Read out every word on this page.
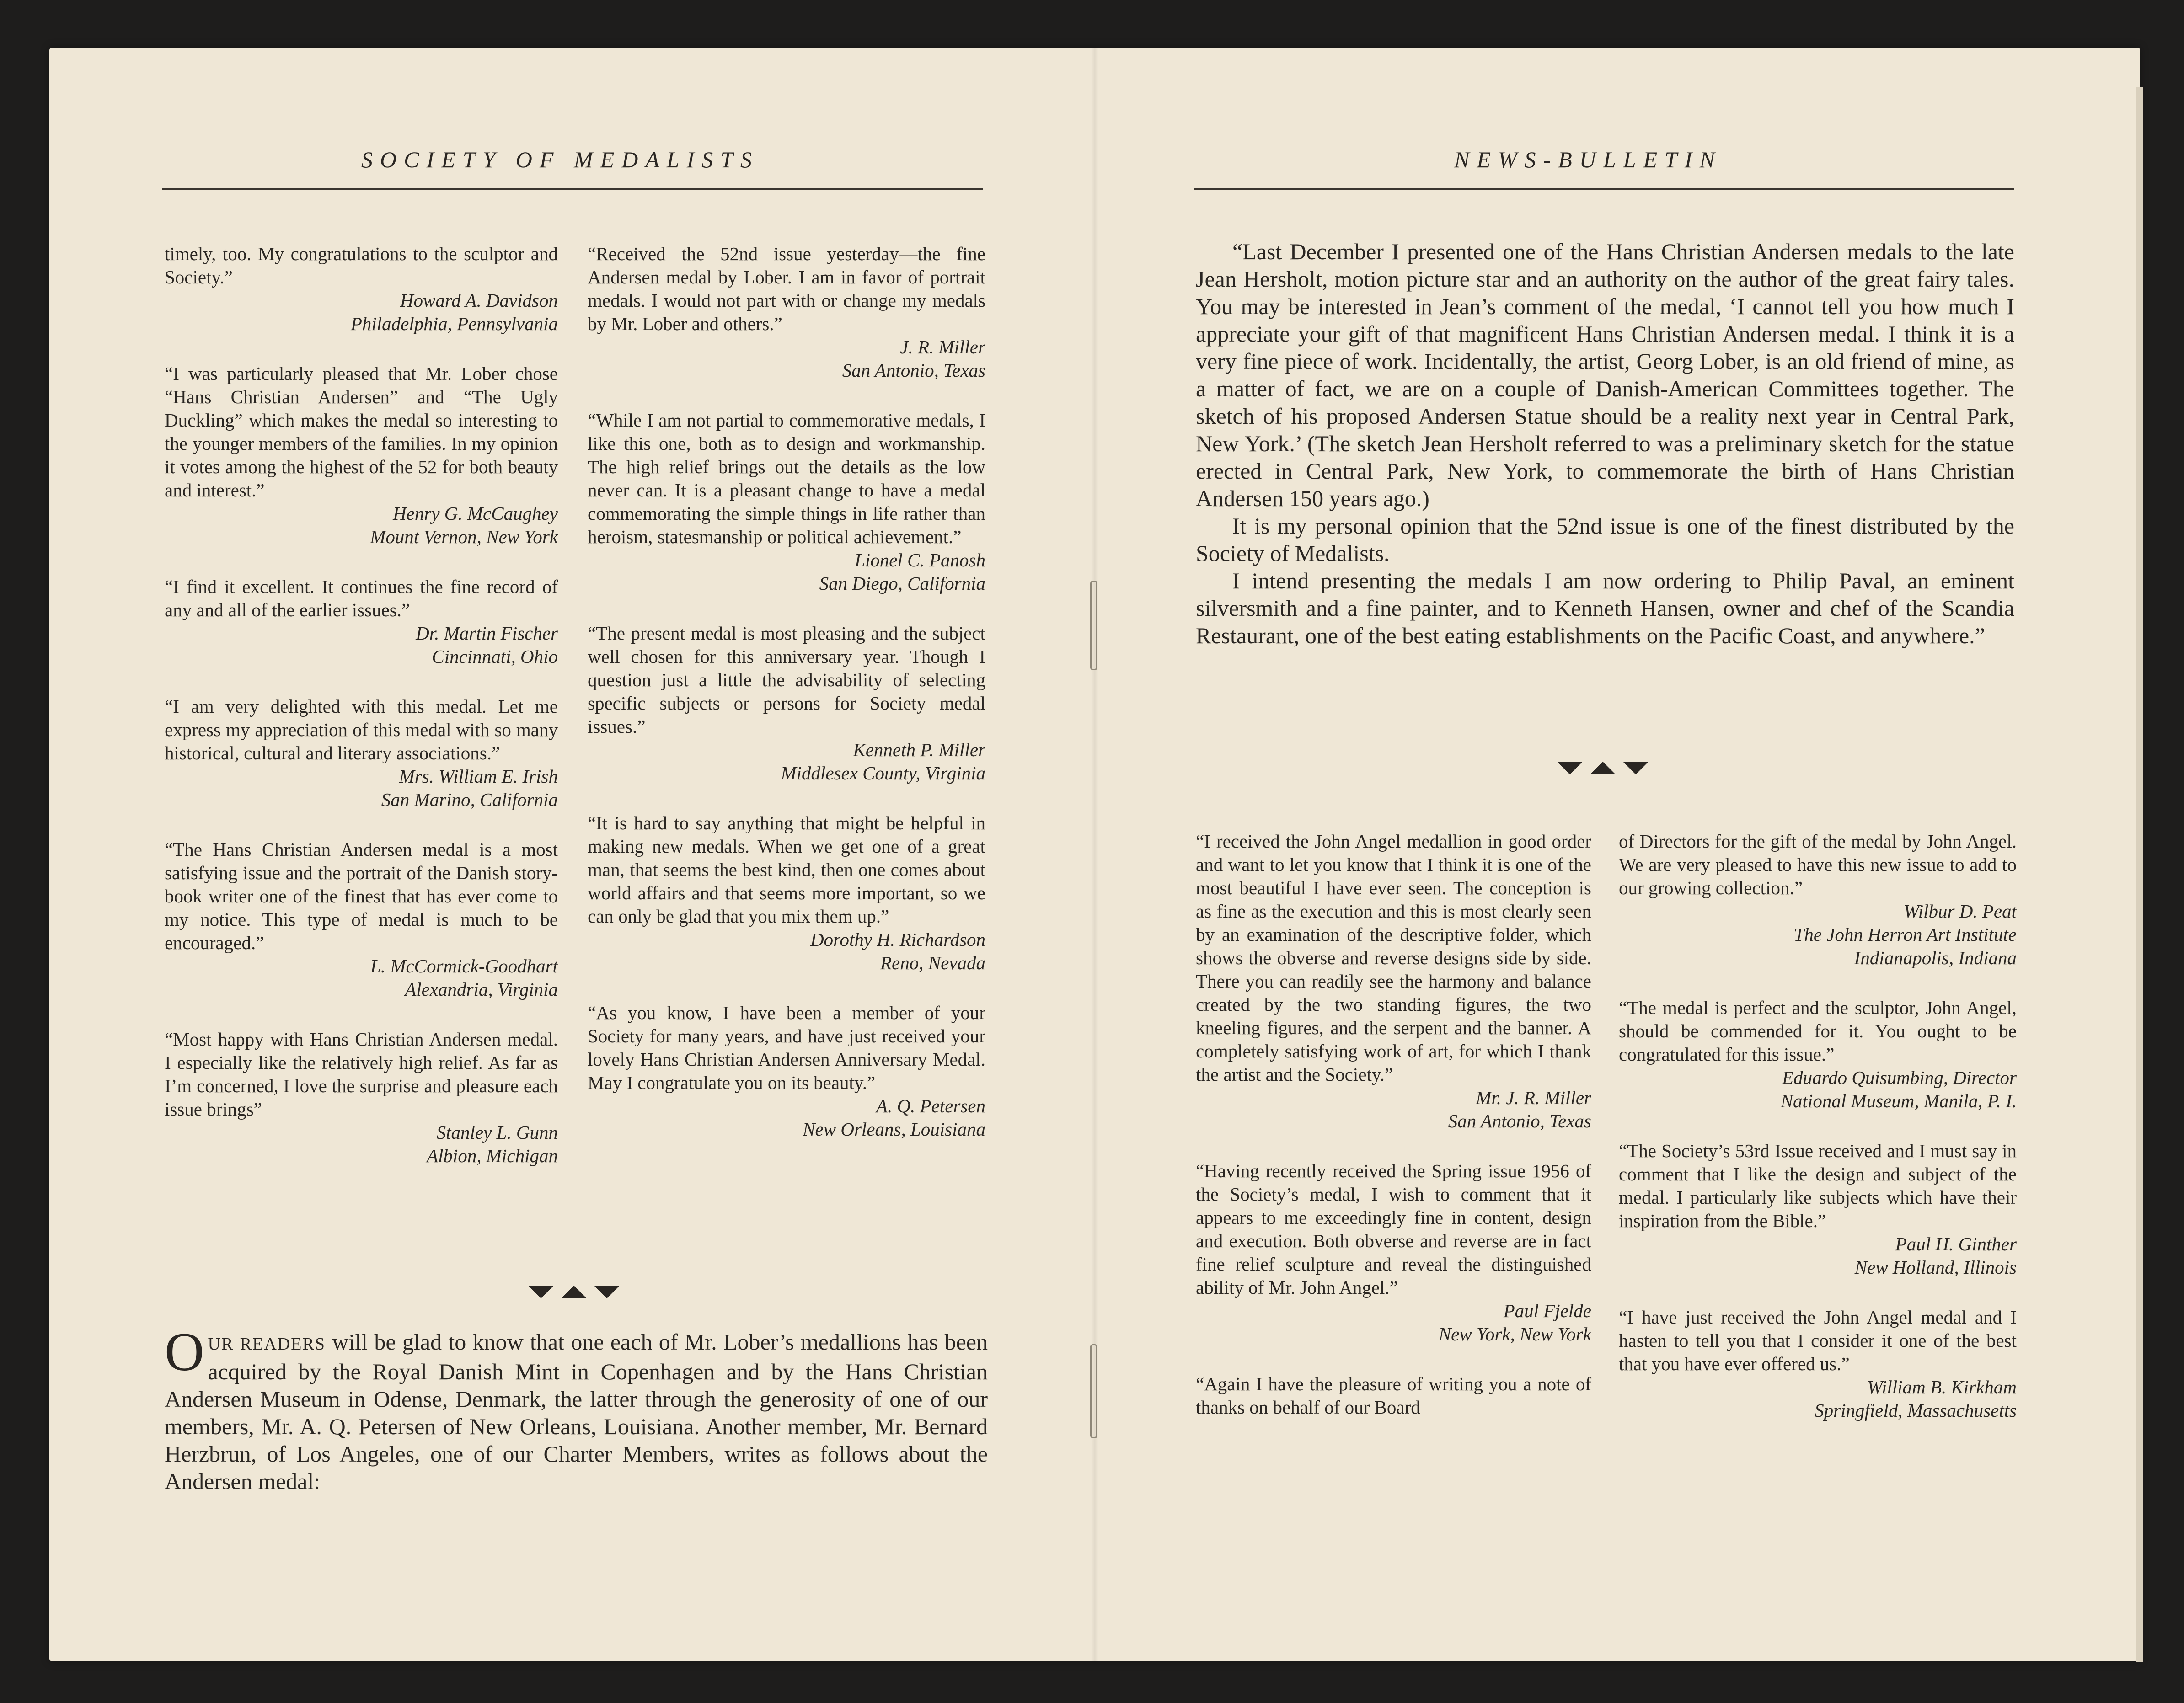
SOCIETY OF MEDALISTS	NEWS-BULLETIN

timely, too. My congratulations to the sculptor and Society.”

Howard A. Davidson
Philadelphia, Pennsylvania

“I was particularly pleased that Mr. Lober chose “Hans Christian Andersen” and “The Ugly Duckling” which makes the medal so interesting to the younger members of the families. In my opinion it votes among the highest of the 52 for both beauty and interest.”

Henry G. McCaughey
Mount Vernon, New York

“I find it excellent. It continues the fine record of any and all of the earlier issues.”

Dr. Martin Fischer
Cincinnati, Ohio

“I am very delighted with this medal. Let me express my appreciation of this medal with so many historical, cultural and literary associations.”

Mrs. William E. Irish
San Marino, California

“The Hans Christian Andersen medal is a most satisfying issue and the portrait of the Danish story-book writer one of the finest that has ever come to my notice. This type of medal is much to be encouraged.”

L. McCormick-Goodhart
Alexandria, Virginia

“Most happy with Hans Christian Andersen medal. I especially like the relatively high relief. As far as I’m concerned, I love the surprise and pleasure each issue brings”

Stanley L. Gunn
Albion, Michigan

“Received the 52nd issue yesterday—the fine Andersen medal by Lober. I am in favor of portrait medals. I would not part with or change my medals by Mr. Lober and others.”

J. R. Miller
San Antonio, Texas

“While I am not partial to commemorative medals, I like this one, both as to design and workmanship. The high relief brings out the details as the low never can. It is a pleasant change to have a medal commemorating the simple things in life rather than heroism, statesmanship or political achievement.”

Lionel C. Panosh
San Diego, California

“The present medal is most pleasing and the subject well chosen for this anniversary year. Though I question just a little the advisability of selecting specific subjects or persons for Society medal issues.”

Kenneth P. Miller
Middlesex County, Virginia

“It is hard to say anything that might be helpful in making new medals. When we get one of a great man, that seems the best kind, then one comes about world affairs and that seems more important, so we can only be glad that you mix them up.”

Dorothy H. Richardson
Reno, Nevada

“As you know, I have been a member of your Society for many years, and have just received your lovely Hans Christian Andersen Anniversary Medal. May I congratulate you on its beauty.”

A. Q. Petersen
New Orleans, Louisiana

OUR READERS will be glad to know that one each of Mr. Lober’s medallions has been acquired by the Royal Danish Mint in Copenhagen and by the Hans Christian Andersen Museum in Odense, Denmark, the latter through the generosity of one of our members, Mr. A. Q. Petersen of New Orleans, Louisiana. Another member, Mr. Bernard Herzbrun, of Los Angeles, one of our Charter Members, writes as follows about the Andersen medal:

“Last December I presented one of the Hans Christian Andersen medals to the late Jean Hersholt, motion picture star and an authority on the author of the great fairy tales. You may be interested in Jean’s comment of the medal, ‘I cannot tell you how much I appreciate your gift of that magnificent Hans Christian Andersen medal. I think it is a very fine piece of work. Incidentally, the artist, Georg Lober, is an old friend of mine, as a matter of fact, we are on a couple of Danish-American Committees together. The sketch of his proposed Andersen Statue should be a reality next year in Central Park, New York.’ (The sketch Jean Hersholt referred to was a preliminary sketch for the statue erected in Central Park, New York, to commemorate the birth of Hans Christian Andersen 150 years ago.)

It is my personal opinion that the 52nd issue is one of the finest distributed by the Society of Medalists.

I intend presenting the medals I am now ordering to Philip Paval, an eminent silversmith and a fine painter, and to Kenneth Hansen, owner and chef of the Scandia Restaurant, one of the best eating establishments on the Pacific Coast, and anywhere.”

“I received the John Angel medallion in good order and want to let you know that I think it is one of the most beautiful I have ever seen. The conception is as fine as the execution and this is most clearly seen by an examination of the descriptive folder, which shows the obverse and reverse designs side by side. There you can readily see the harmony and balance created by the two standing figures, the two kneeling figures, and the serpent and the banner. A completely satisfying work of art, for which I thank the artist and the Society.”

Mr. J. R. Miller
San Antonio, Texas

“Having recently received the Spring issue 1956 of the Society’s medal, I wish to comment that it appears to me exceedingly fine in content, design and execution. Both obverse and reverse are in fact fine relief sculpture and reveal the distinguished ability of Mr. John Angel.”

Paul Fjelde
New York, New York

“Again I have the pleasure of writing you a note of thanks on behalf of our Board

of Directors for the gift of the medal by John Angel. We are very pleased to have this new issue to add to our growing collection.”

Wilbur D. Peat
The John Herron Art Institute
Indianapolis, Indiana

“The medal is perfect and the sculptor, John Angel, should be commended for it. You ought to be congratulated for this issue.”

Eduardo Quisumbing, Director
National Museum, Manila, P. I.

“The Society’s 53rd Issue received and I must say in comment that I like the design and subject of the medal. I particularly like subjects which have their inspiration from the Bible.”

Paul H. Ginther
New Holland, Illinois

“I have just received the John Angel medal and I hasten to tell you that I consider it one of the best that you have ever offered us.”

William B. Kirkham
Springfield, Massachusetts
